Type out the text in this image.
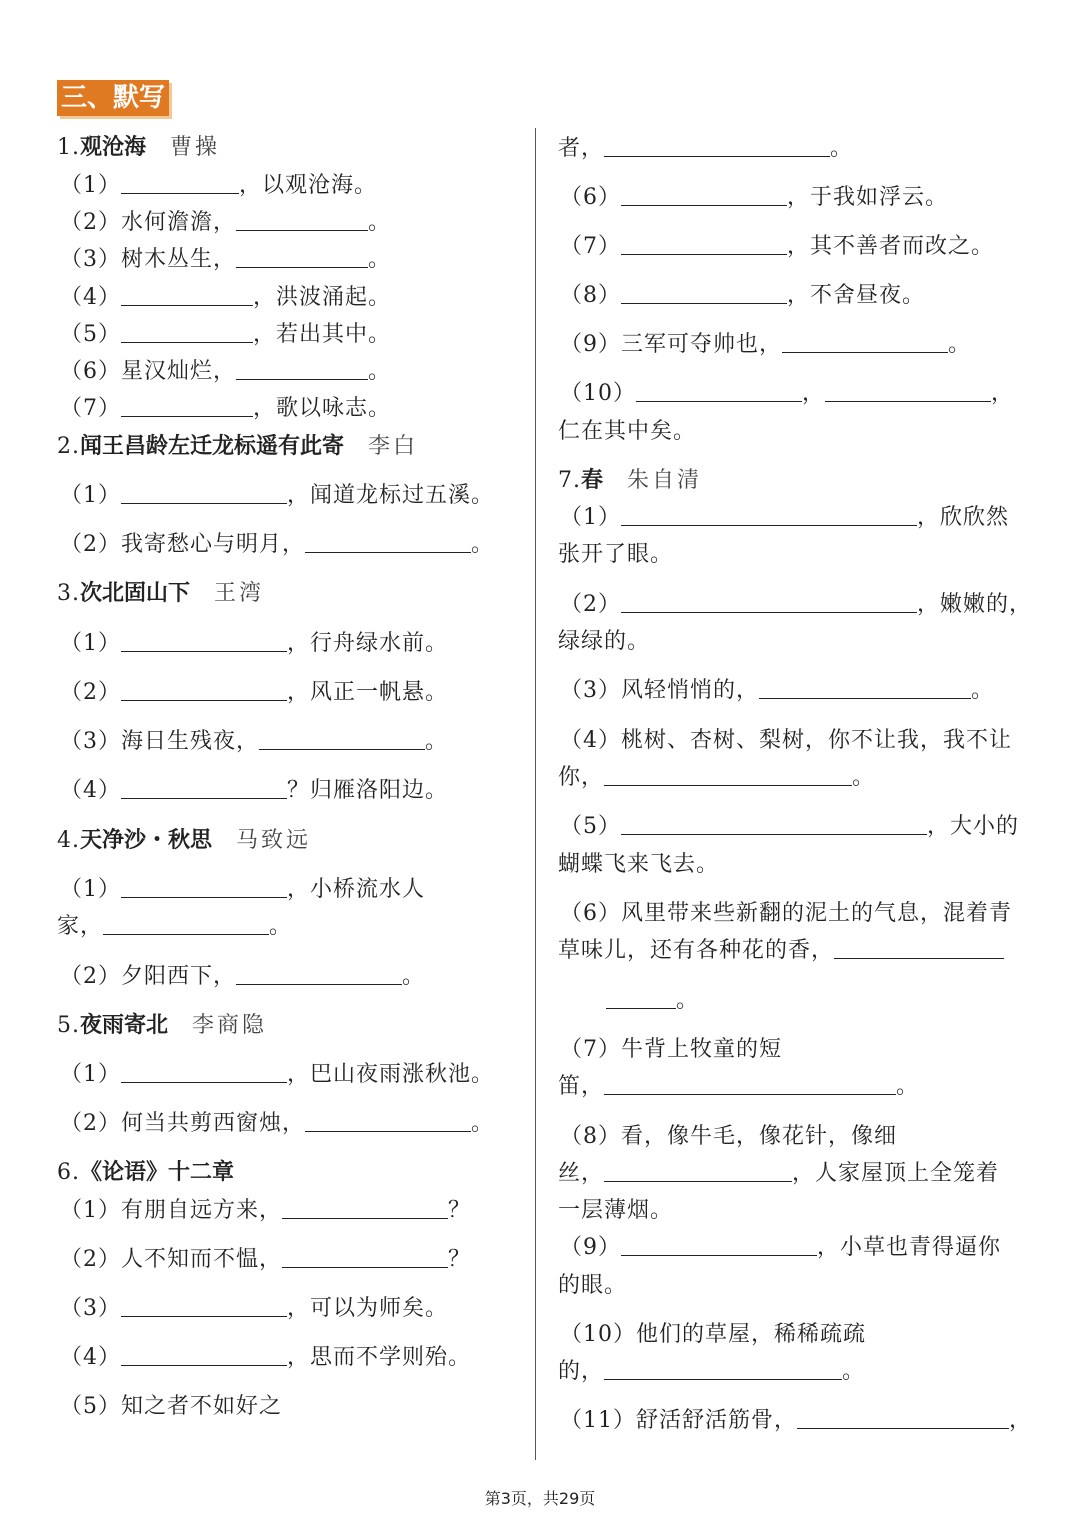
三、默写
1.观沧海 曹操
（1）	，以观沧海。
（2）水何澹澹，	。
（3）树木丛生，	。
（4）	，洪波涌起。
（5）	，若出其中。
（6）星汉灿烂，	。
（7）	，歌以咏志。
2.闻王昌龄左迁龙标遥有此寄 李白
（1）	，闻道龙标过五溪。
（2）我寄愁心与明月，	。
3.次北固山下 王湾
（1）	，行舟绿水前。
（2）	，风正一帆悬。
（3）海日生残夜，	。
（4）	？归雁洛阳边。
4.天净沙・秋思 马致远
（1）	，小桥流水人
家，	。
（2）夕阳西下，	。
5.夜雨寄北 李商隐
（1）	，巴山夜雨涨秋池。
（2）何当共剪西窗烛，	。
6.《论语》十二章
（1）有朋自远方来，	？
（2）人不知而不愠，	？
（3）	，可以为师矣。
（4）	，思而不学则殆。
（5）知之者不如好之
者，	。
（6）	，于我如浮云。
（7）	，其不善者而改之。
（8）	，不舍昼夜。
（9）三军可夺帅也，	。
（10）	，	，
仁在其中矣。
7.春 朱自清
（1）	，欣欣然
张开了眼。
（2）	，嫩嫩的，
绿绿的。
（3）风轻悄悄的，	。
（4）桃树、杏树、梨树，你不让我，我不让
你，	。
（5）	，大小的
蝴蝶飞来飞去。
（6）风里带来些新翻的泥土的气息，混着青
草味儿，还有各种花的香，
。
（7）牛背上牧童的短
笛，	。
（8）看，像牛毛，像花针，像细
丝，	，人家屋顶上全笼着
一层薄烟。
（9）	，小草也青得逼你
的眼。
（10）他们的草屋，稀稀疏疏
的，	。
（11）舒活舒活筋骨，	，
第3页，共29页
